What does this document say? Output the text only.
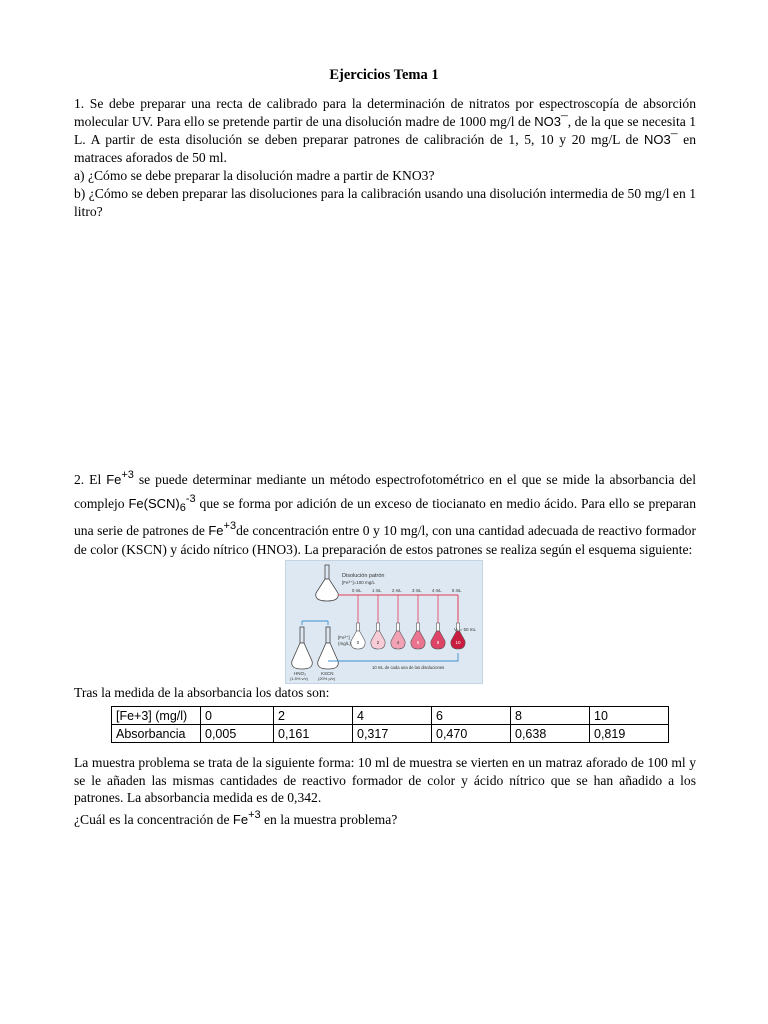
Ejercicios Tema 1

1. Se debe preparar una recta de calibrado para la determinación de nitratos por espectroscopía de absorción molecular UV. Para ello se pretende partir de una disolución madre de 1000 mg/l de NO3¯, de la que se necesita 1 L. A partir de esta disolución se deben preparar patrones de calibración de 1, 5, 10 y 20 mg/L de NO3¯ en matraces aforados de 50 ml.

a) ¿Cómo se debe preparar la disolución madre a partir de KNO3?

b) ¿Cómo se deben preparar las disoluciones para la calibración usando una disolución intermedia de 50 mg/l en 1 litro?

2. El $Fe^{+3}$ se puede determinar mediante un método espectrofotométrico en el que se mide la absorbancia del complejo $Fe(SCN)_6^{-3}$ que se forma por adición de un exceso de tiocianato en medio ácido. Para ello se preparan una serie de patrones de $Fe^{+3}de$ concentración entre 0 y 10 mg/l, con una cantidad adecuada de reactivo formador de color (KSCN) y ácido nítrico (HNO3). La preparación de estos patrones se realiza según el esquema siguiente:

Disolución patrón
[Fe³⁺]=100 mg/L
0 mL 1 mL 2 mL 3 mL 4 mL 5 mL
0	2	4	6	8	10
[Fe³⁺]
(mg/L)
Vₜ = 50 mL
HNO₃
(1.5% v/v)
KSCN
(20% p/v)
10 mL de cada una de las disoluciones
Tras la medida de la absorbancia los datos son:
[Fe+3] (mg/l)	0	2	4	6	8	10
Absorbancia	0,005	0,161	0,317	0,470	0,638	0,819

La muestra problema se trata de la siguiente forma: 10 ml de muestra se vierten en un matraz aforado de 100 ml y se le añaden las mismas cantidades de reactivo formador de color y ácido nítrico que se han añadido a los patrones. La absorbancia medida es de 0,342.

¿Cuál es la concentración de $Fe^{+3}$ en la muestra problema?
